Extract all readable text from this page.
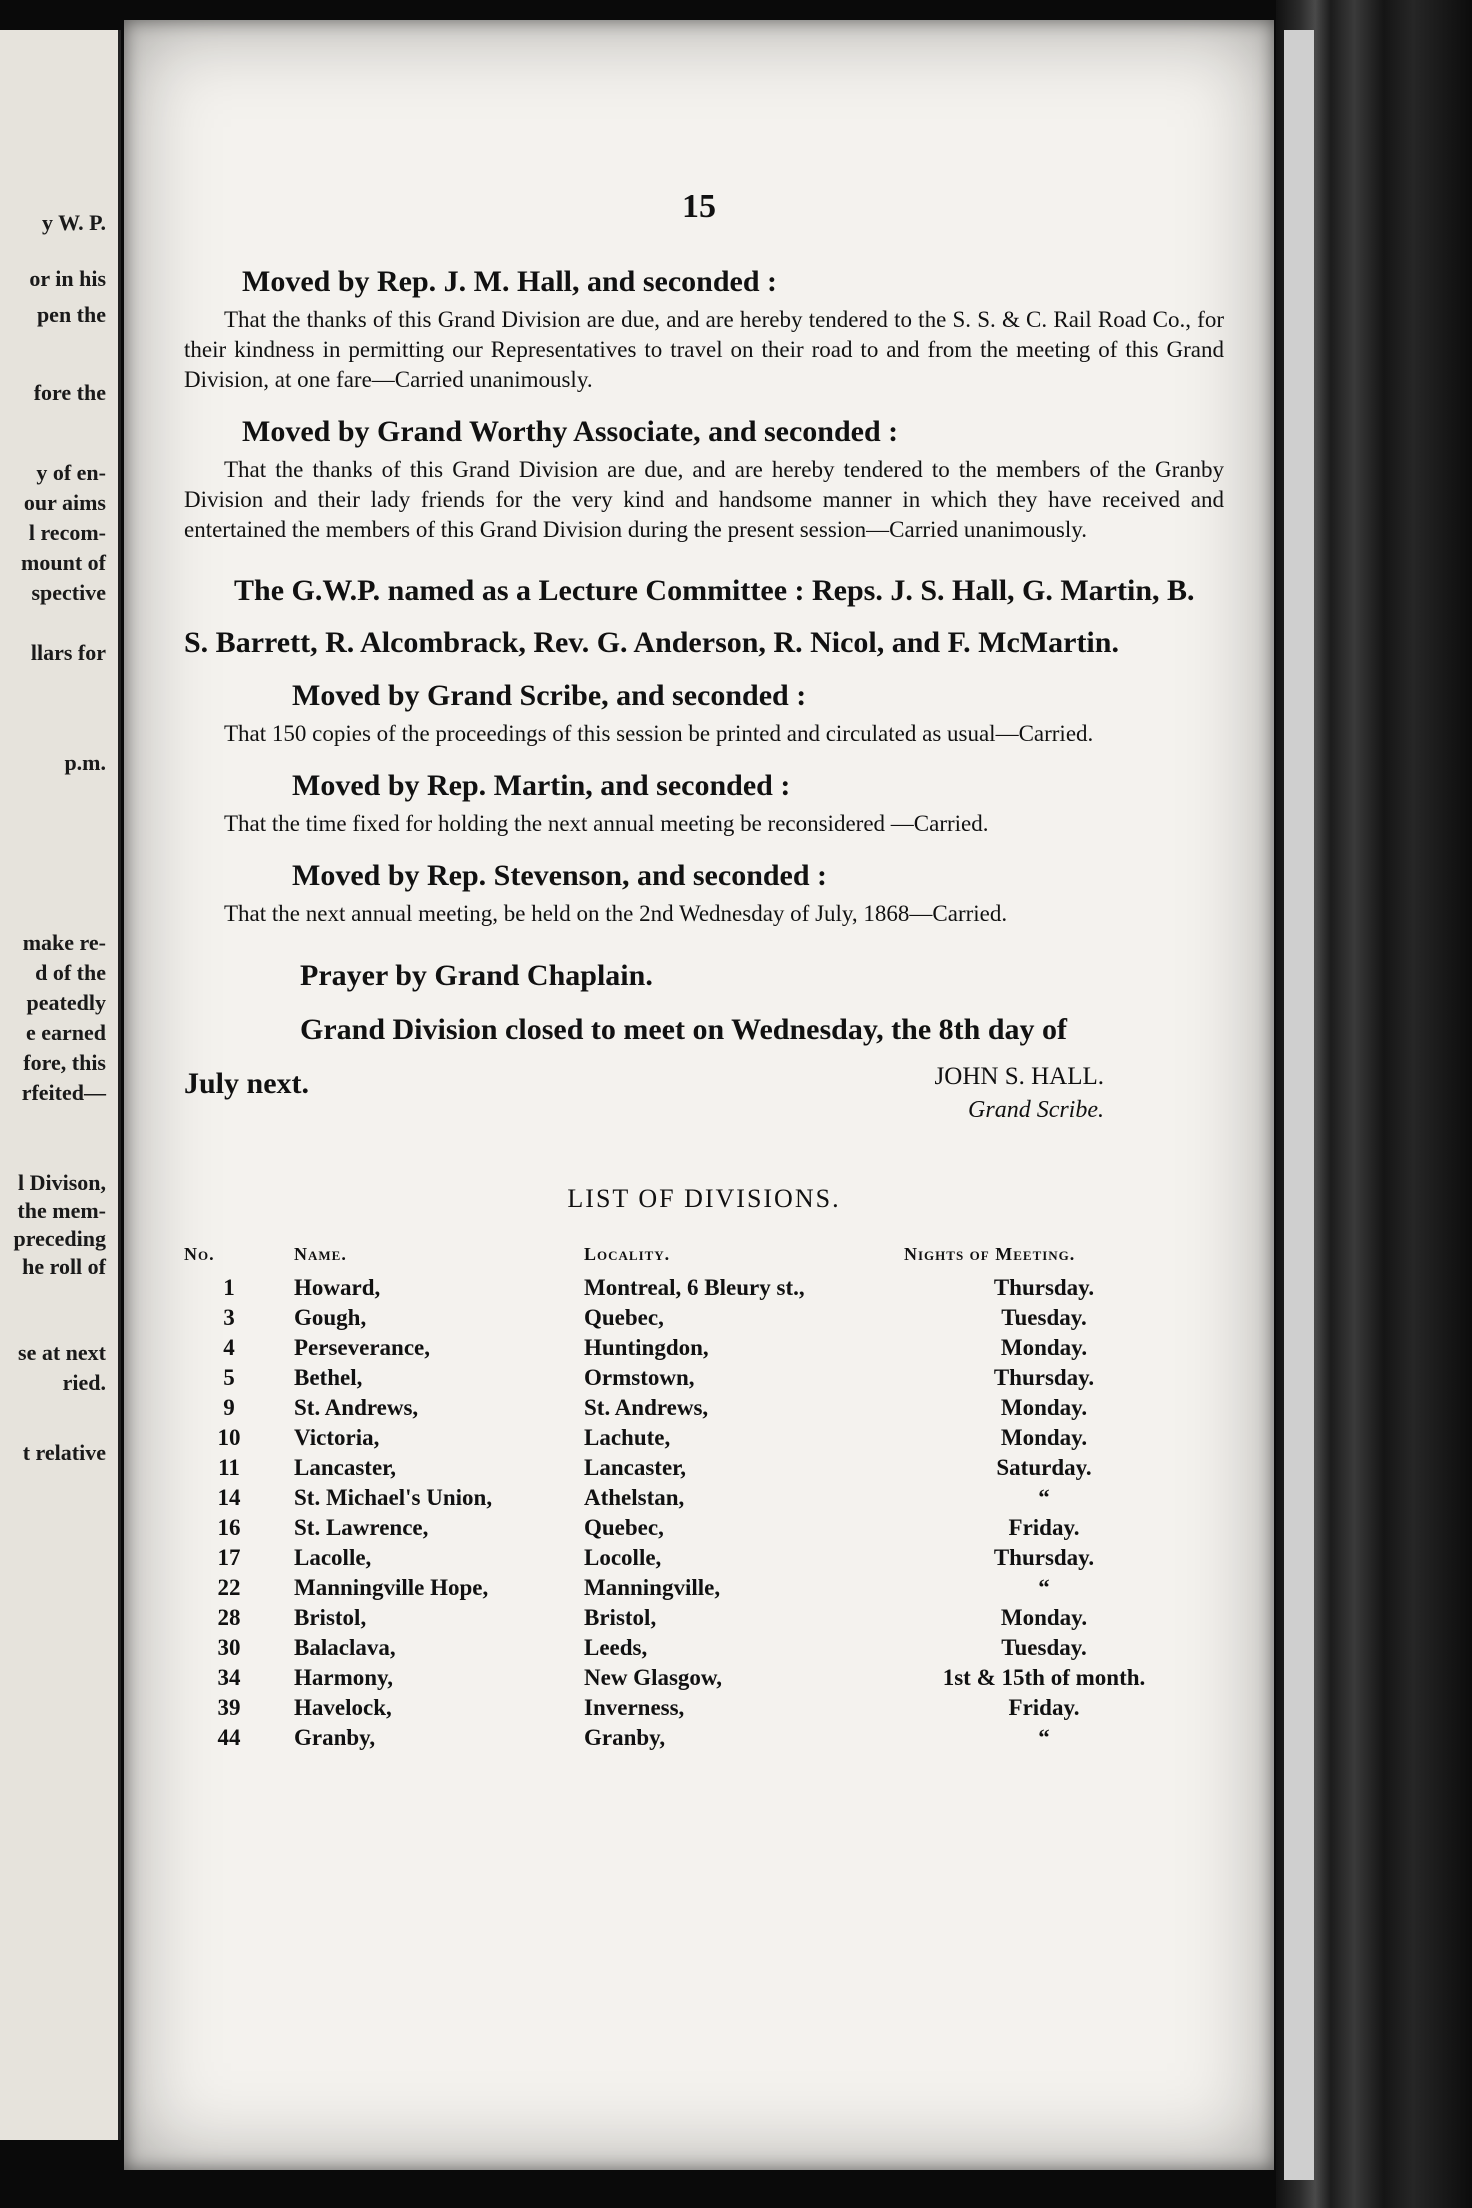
y W. P.
or in his
pen the
fore the
y of en-
our aims
l recom-
mount of
spective
llars for
p.m.
make re-
d of the
peatedly
e earned
fore, this
rfeited—
l Divison,
the mem-
preceding
he roll of
se at next
ried.
t relative
15
Moved by Rep. J. M. Hall, and seconded :
That the thanks of this Grand Division are due, and are hereby tendered to the S. S. & C. Rail Road Co., for their kindness in permitting our Representatives to travel on their road to and from the meeting of this Grand Division, at one fare—Carried unanimously.
Moved by Grand Worthy Associate, and seconded :
That the thanks of this Grand Division are due, and are hereby tendered to the members of the Granby Division and their lady friends for the very kind and handsome manner in which they have received and entertained the members of this Grand Division during the present session—Carried unanimously.
The G.W.P. named as a Lecture Committee : Reps. J. S. Hall, G. Martin, B. S. Barrett, R. Alcombrack, Rev. G. Anderson, R. Nicol, and F. McMartin.
Moved by Grand Scribe, and seconded :
That 150 copies of the proceedings of this session be printed and circulated as usual—Carried.
Moved by Rep. Martin, and seconded :
That the time fixed for holding the next annual meeting be reconsidered —Carried.
Moved by Rep. Stevenson, and seconded :
That the next annual meeting, be held on the 2nd Wednesday of July, 1868—Carried.
Prayer by Grand Chaplain.
Grand Division closed to meet on Wednesday, the 8th day of
July next.	JOHN S. HALL.
Grand Scribe.
LIST OF DIVISIONS.
No.	Name.	Locality.	Nights of Meeting.
1	Howard,	Montreal, 6 Bleury st.,	Thursday.
3	Gough,	Quebec,	Tuesday.
4	Perseverance,	Huntingdon,	Monday.
5	Bethel,	Ormstown,	Thursday.
9	St. Andrews,	St. Andrews,	Monday.
10	Victoria,	Lachute,	Monday.
11	Lancaster,	Lancaster,	Saturday.
14	St. Michael's Union,	Athelstan,	“
16	St. Lawrence,	Quebec,	Friday.
17	Lacolle,	Locolle,	Thursday.
22	Manningville Hope,	Manningville,	“
28	Bristol,	Bristol,	Monday.
30	Balaclava,	Leeds,	Tuesday.
34	Harmony,	New Glasgow,	1st & 15th of month.
39	Havelock,	Inverness,	Friday.
44	Granby,	Granby,	“
